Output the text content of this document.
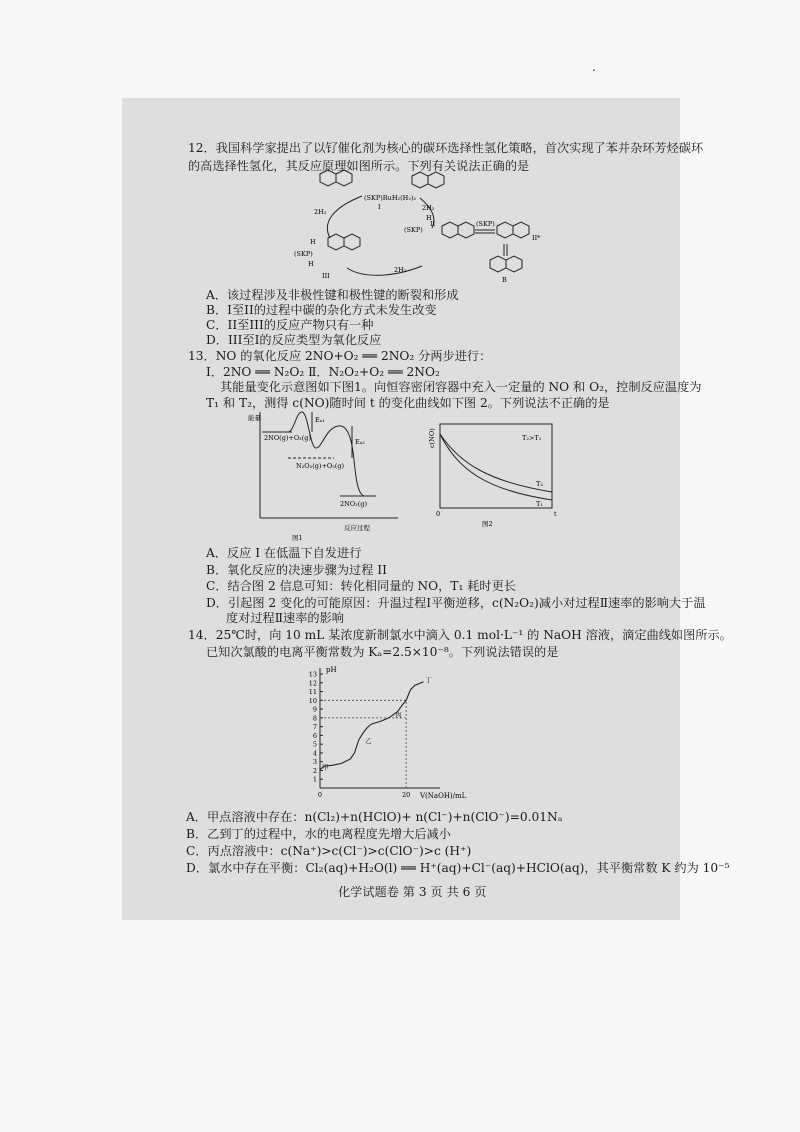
.
12．我国科学家提出了以钌催化剂为核心的碳环选择性氢化策略，首次实现了苯并杂环芳烃碳环
的高选择性氢化，其反应原理如图所示。下列有关说法正确的是
(SKP)RuH₂(H₂)₂
I
2H₂	2H₂
H
II
(SKP)
(SKP)
II*
H
(SKP)
H
III
2H₂
B
A．该过程涉及非极性键和极性键的断裂和形成
B．I至II的过程中碳的杂化方式未发生改变
C．II至III的反应产物只有一种
D．III至I的反应类型为氧化反应
13．NO 的氧化反应 2NO+O₂ ══ 2NO₂ 分两步进行：
Ⅰ．2NO ══ N₂O₂ Ⅱ．N₂O₂+O₂ ══ 2NO₂
其能量变化示意图如下图1。向恒容密闭容器中充入一定量的 NO 和 O₂，控制反应温度为
T₁ 和 T₂，测得 c(NO)随时间 t 的变化曲线如下图 2。下列说法不正确的是
能量	Eₐ₁
Eₐ₂
2NO(g)+O₂(g)
N₂O₂(g)+O₂(g)
2NO₂(g)
反应过程
图1
c(NO)	T₂>T₁
T₂
T₁
0	t
图2
A．反应 I 在低温下自发进行
B．氧化反应的决速步骤为过程 II
C．结合图 2 信息可知：转化相同量的 NO，T₁ 耗时更长
D．引起图 2 变化的可能原因：升温过程Ⅰ平衡逆移，c(N₂O₂)减小对过程Ⅱ速率的影响大于温
度对过程Ⅱ速率的影响
14．25℃时，向 10 mL 某浓度新制氯水中滴入 0.1 mol·L⁻¹ 的 NaOH 溶液，滴定曲线如图所示。
已知次氯酸的电离平衡常数为 Kₐ=2.5×10⁻⁸。下列说法错误的是
1
2
3
4
5
6
7
8
9
10
11
12
13
0	20
甲
乙
丙
丁
pH
V(NaOH)/mL
A．甲点溶液中存在：n(Cl₂)+n(HClO)+ n(Cl⁻)+n(ClO⁻)=0.01Nₐ
B．乙到丁的过程中，水的电离程度先增大后减小
C．丙点溶液中：c(Na⁺)>c(Cl⁻)>c(ClO⁻)>c (H⁺)
D．氯水中存在平衡：Cl₂(aq)+H₂O(l) ══ H⁺(aq)+Cl⁻(aq)+HClO(aq)，其平衡常数 K 约为 10⁻⁵
化学试题卷 第 3 页 共 6 页
